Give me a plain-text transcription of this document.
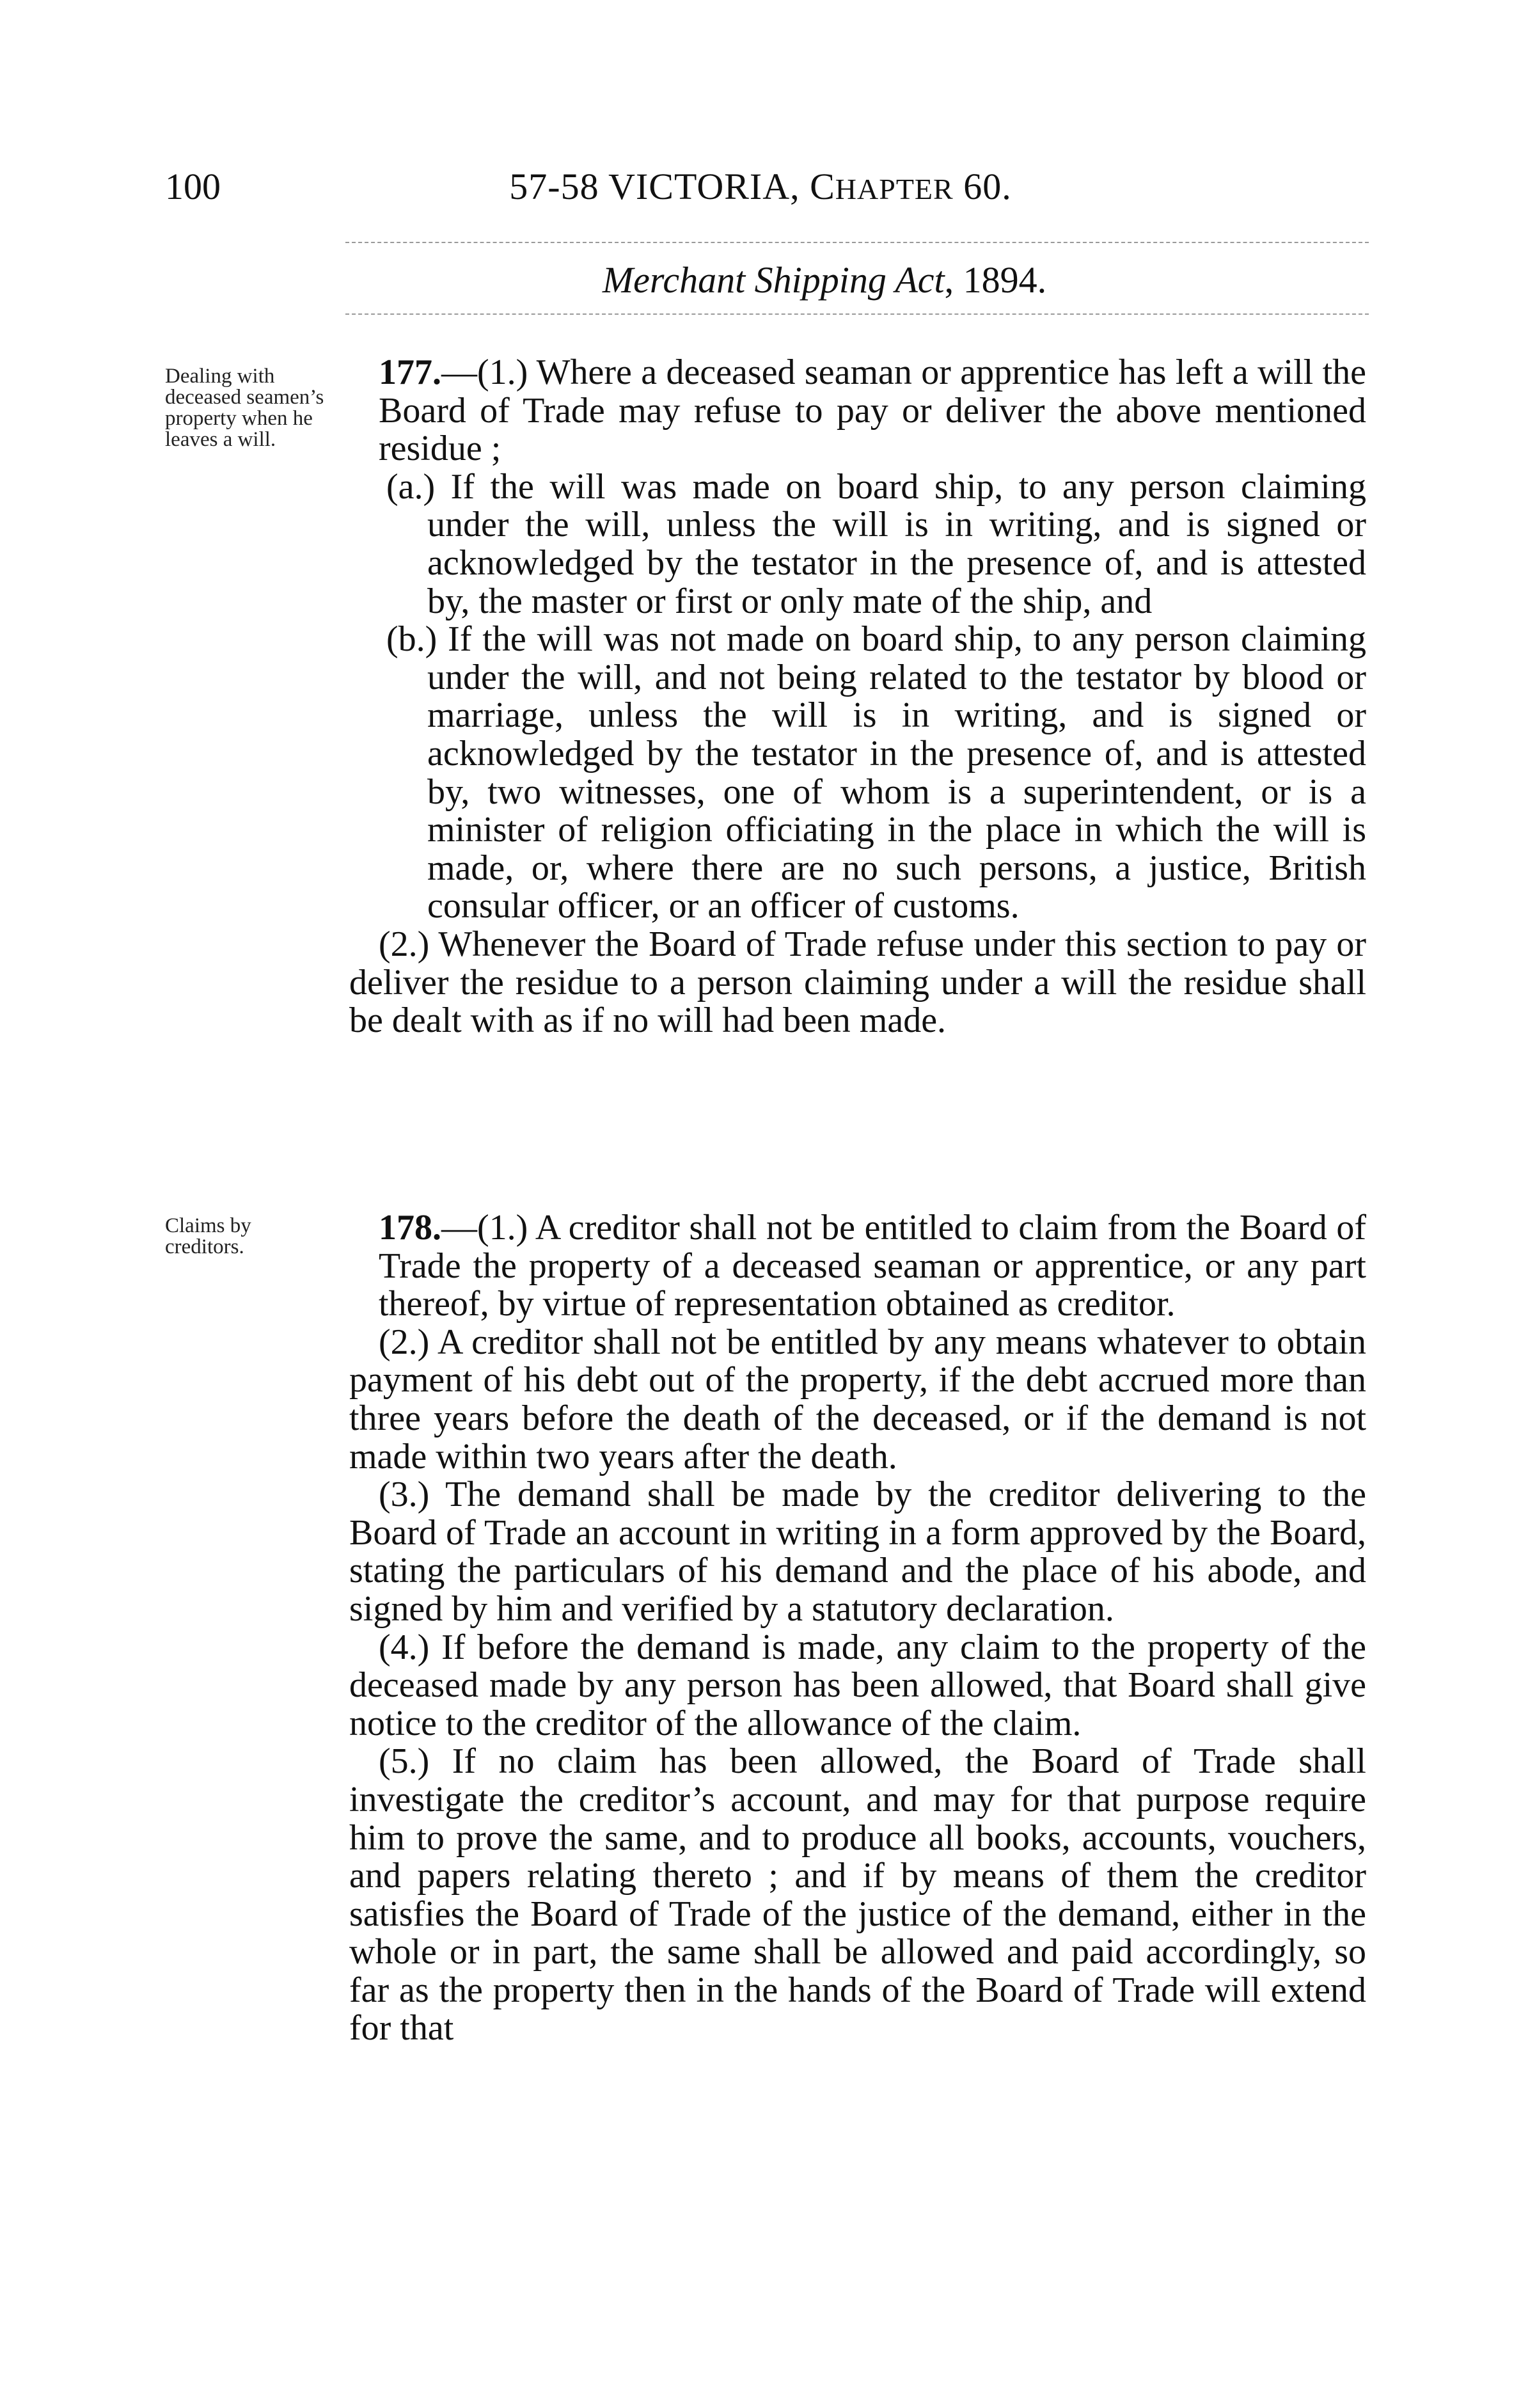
100	57-58 VICTORIA, CHAPTER 60.
Merchant Shipping Act, 1894.
Dealing with deceased seamen’s property when he leaves a will.

177.—(1.) Where a deceased seaman or apprentice has left a will the Board of Trade may refuse to pay or deliver the above mentioned residue ;

(a.) If the will was made on board ship, to any person claiming under the will, unless the will is in writing, and is signed or acknowledged by the testator in the presence of, and is attested by, the master or first or only mate of the ship, and

(b.) If the will was not made on board ship, to any person claiming under the will, and not being related to the testator by blood or marriage, unless the will is in writing, and is signed or acknowledged by the testator in the presence of, and is attested by, two witnesses, one of whom is a superintendent, or is a minister of religion officiating in the place in which the will is made, or, where there are no such persons, a justice, British consular officer, or an officer of customs.

(2.) Whenever the Board of Trade refuse under this section to pay or deliver the residue to a person claiming under a will the residue shall be dealt with as if no will had been made.

Claims by creditors.	178.—(1.) A creditor shall not be entitled to claim from the Board of Trade the property of a deceased seaman or apprentice, or any part thereof, by virtue of representation obtained as creditor.

(2.) A creditor shall not be entitled by any means whatever to obtain payment of his debt out of the property, if the debt accrued more than three years before the death of the deceased, or if the demand is not made within two years after the death.

(3.) The demand shall be made by the creditor delivering to the Board of Trade an account in writing in a form approved by the Board, stating the particulars of his demand and the place of his abode, and signed by him and verified by a statutory declaration.

(4.) If before the demand is made, any claim to the property of the deceased made by any person has been allowed, that Board shall give notice to the creditor of the allowance of the claim.

(5.) If no claim has been allowed, the Board of Trade shall investigate the creditor’s account, and may for that purpose require him to prove the same, and to produce all books, accounts, vouchers, and papers relating thereto ; and if by means of them the creditor satisfies the Board of Trade of the justice of the demand, either in the whole or in part, the same shall be allowed and paid accordingly, so far as the property then in the hands of the Board of Trade will extend for that
